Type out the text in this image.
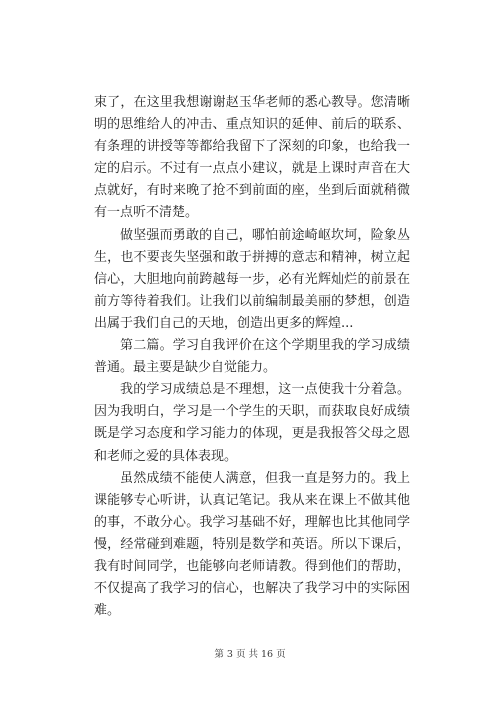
束了，在这里我想谢谢赵玉华老师的悉心教导。您清晰明的思维给人的冲击、重点知识的延伸、前后的联系、有条理的讲授等等都给我留下了深刻的印象，也给我一定的启示。不过有一点点小建议，就是上课时声音在大点就好，有时来晚了抢不到前面的座，坐到后面就稍微有一点听不清楚。

做坚强而勇敢的自己，哪怕前途崎岖坎坷，险象丛生，也不要丧失坚强和敢于拼搏的意志和精神，树立起信心，大胆地向前跨越每一步，必有光辉灿烂的前景在前方等待着我们。让我们以前编制最美丽的梦想，创造出属于我们自己的天地，创造出更多的辉煌...

第二篇。学习自我评价在这个学期里我的学习成绩普通。最主要是缺少自觉能力。

我的学习成绩总是不理想，这一点使我十分着急。因为我明白，学习是一个学生的天职，而获取良好成绩既是学习态度和学习能力的体现，更是我报答父母之恩和老师之爱的具体表现。

虽然成绩不能使人满意，但我一直是努力的。我上课能够专心听讲，认真记笔记。我从来在课上不做其他的事，不敢分心。我学习基础不好，理解也比其他同学慢，经常碰到难题，特别是数学和英语。所以下课后，我有时间同学，也能够向老师请教。得到他们的帮助，不仅提高了我学习的信心，也解决了我学习中的实际困难。

第 3 页 共 16 页
